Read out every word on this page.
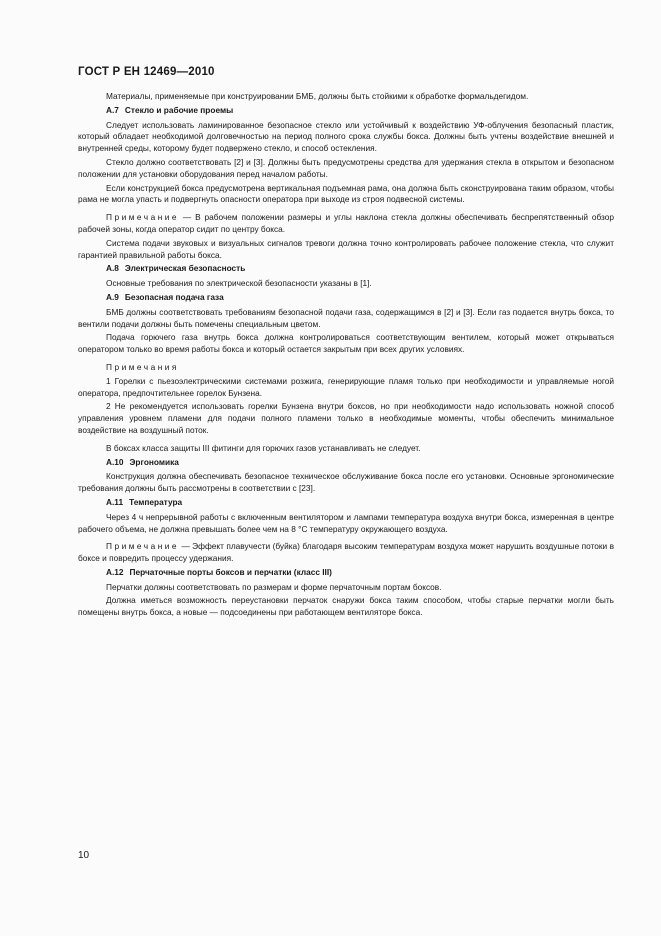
ГОСТ Р ЕН 12469—2010
Материалы, применяемые при конструировании БМБ, должны быть стойкими к обработке формальдегидом.
А.7 Стекло и рабочие проемы
Следует использовать ламинированное безопасное стекло или устойчивый к воздействию УФ-облучения безопасный пластик, который обладает необходимой долговечностью на период полного срока службы бокса. Должны быть учтены воздействие внешней и внутренней среды, которому будет подвержено стекло, и способ остекления.
Стекло должно соответствовать [2] и [3]. Должны быть предусмотрены средства для удержания стекла в открытом и безопасном положении для установки оборудования перед началом работы.
Если конструкцией бокса предусмотрена вертикальная подъемная рама, она должна быть сконструирована таким образом, чтобы рама не могла упасть и подвергнуть опасности оператора при выходе из строя подвесной системы.
Примечание — В рабочем положении размеры и углы наклона стекла должны обеспечивать беспрепятственный обзор рабочей зоны, когда оператор сидит по центру бокса.
Система подачи звуковых и визуальных сигналов тревоги должна точно контролировать рабочее положение стекла, что служит гарантией правильной работы бокса.
А.8 Электрическая безопасность
Основные требования по электрической безопасности указаны в [1].
А.9 Безопасная подача газа
БМБ должны соответствовать требованиям безопасной подачи газа, содержащимся в [2] и [3]. Если газ подается внутрь бокса, то вентили подачи должны быть помечены специальным цветом.
Подача горючего газа внутрь бокса должна контролироваться соответствующим вентилем, который может открываться оператором только во время работы бокса и который остается закрытым при всех других условиях.
Примечания
1 Горелки с пьезоэлектрическими системами розжига, генерирующие пламя только при необходимости и управляемые ногой оператора, предпочтительнее горелок Бунзена.
2 Не рекомендуется использовать горелки Бунзена внутри боксов, но при необходимости надо использовать ножной способ управления уровнем пламени для подачи полного пламени только в необходимые моменты, чтобы обеспечить минимальное воздействие на воздушный поток.
В боксах класса защиты III фитинги для горючих газов устанавливать не следует.
А.10 Эргономика
Конструкция должна обеспечивать безопасное техническое обслуживание бокса после его установки. Основные эргономические требования должны быть рассмотрены в соответствии с [23].
А.11 Температура
Через 4 ч непрерывной работы с включенным вентилятором и лампами температура воздуха внутри бокса, измеренная в центре рабочего объема, не должна превышать более чем на 8 °С температуру окружающего воздуха.
Примечание — Эффект плавучести (буйка) благодаря высоким температурам воздуха может нарушить воздушные потоки в боксе и повредить процессу удержания.
А.12 Перчаточные порты боксов и перчатки (класс III)
Перчатки должны соответствовать по размерам и форме перчаточным портам боксов.
Должна иметься возможность переустановки перчаток снаружи бокса таким способом, чтобы старые перчатки могли быть помещены внутрь бокса, а новые — подсоединены при работающем вентиляторе бокса.
10
